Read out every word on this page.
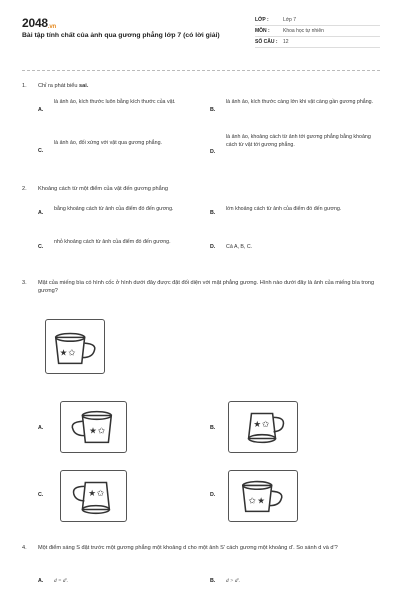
2048.vn
Bài tập tính chất của ảnh qua gương phẳng lớp 7 (có lời giải)
LỚP :	Lớp 7
MÔN :	Khoa học tự nhiên
SỐ CÂU :	12
1. Chỉ ra phát biểu sai.
A.
là ảnh ảo, kích thước luôn bằng kích thước của vật.
B.
là ảnh ảo, kích thước càng lớn khi vật càng gần gương phẳng.
C.
là ảnh ảo, đối xứng với vật qua gương phẳng.
D.
là ảnh ảo, khoảng cách từ ảnh tới gương phẳng bằng khoảng cách từ vật tới gương phẳng.
2. Khoảng cách từ một điểm của vật đến gương phẳng
A.
bằng khoảng cách từ ảnh của điểm đó đến gương.
B.
lớn khoảng cách từ ảnh của điểm đó đến gương.
C.
nhỏ khoảng cách từ ảnh của điểm đó đến gương.
D. Cả A, B, C.
3. Mặt của miếng bìa có hình cốc ở hình dưới đây được đặt đối diện với mặt phẳng gương. Hình nào dưới đây là ảnh của miếng bìa trong gương?
★ ✩
A.	★ ✩	B.	★ ✩
C.	★ ✩	D.
✩ ★
4. Một điểm sáng S đặt trước một gương phẳng một khoảng d cho một ảnh S' cách gương một khoảng d'. So sánh d và d'?
A. d = d'.	B. d > d'.
